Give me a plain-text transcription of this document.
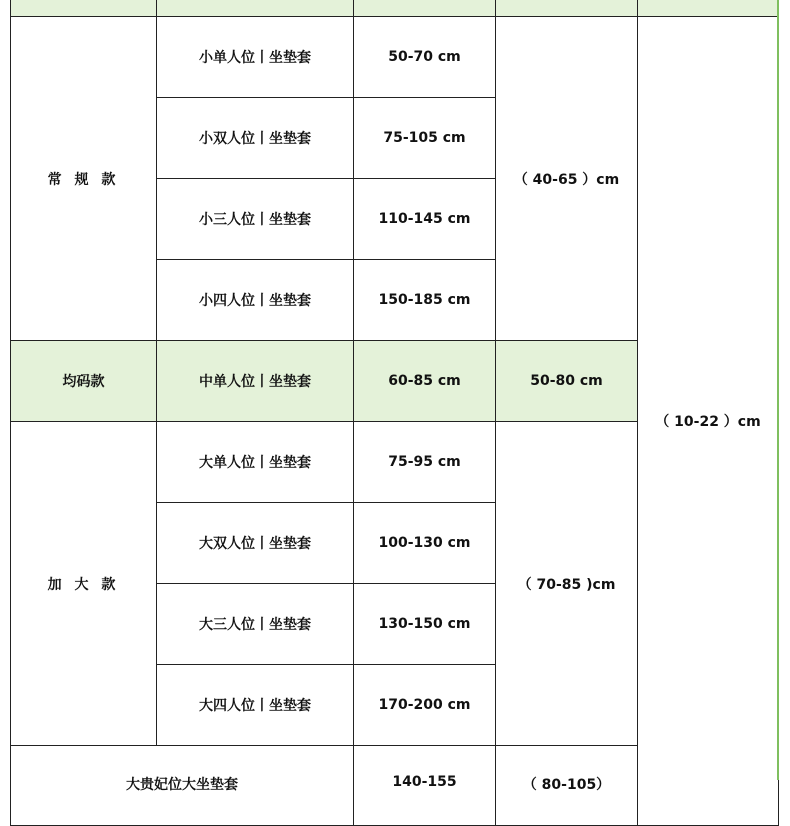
常 规 款	小单人位丨坐垫套	50-70 cm	（ 40-65 ）cm	（ 10-22 ）cm
	小双人位丨坐垫套	75-105 cm		
	小三人位丨坐垫套	110-145 cm		
	小四人位丨坐垫套	150-185 cm		
均码款	中单人位丨坐垫套	60-85 cm	50-80 cm	
加 大 款	大单人位丨坐垫套	75-95 cm	（ 70-85 )cm	
	大双人位丨坐垫套	100-130 cm		
	大三人位丨坐垫套	130-150 cm		
	大四人位丨坐垫套	170-200 cm		
大贵妃位大坐垫套		140-155	（ 80-105）	
